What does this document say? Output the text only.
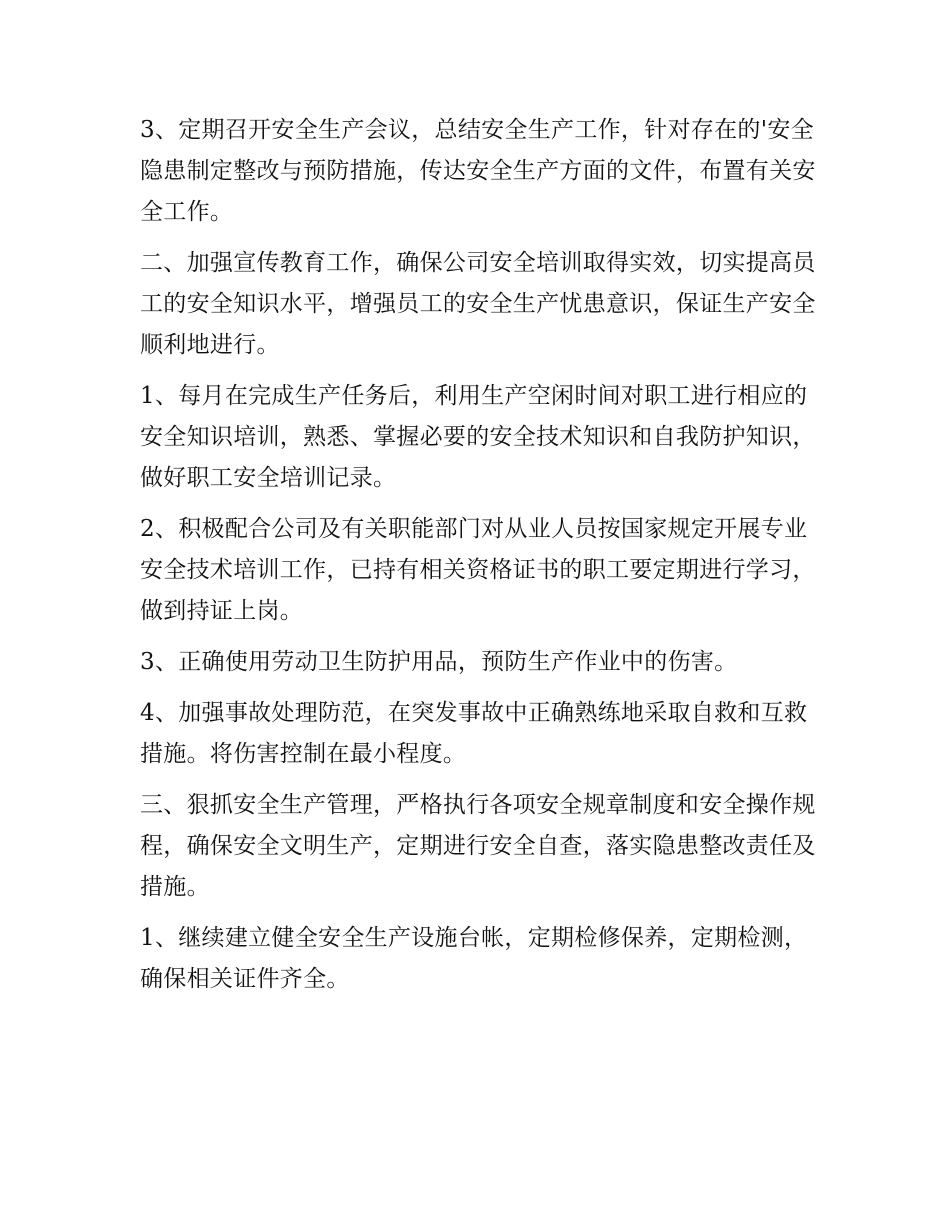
3、定期召开安全生产会议，总结安全生产工作，针对存在的'安全隐患制定整改与预防措施，传达安全生产方面的文件，布置有关安全工作。

二、加强宣传教育工作，确保公司安全培训取得实效，切实提高员工的安全知识水平，增强员工的安全生产忧患意识，保证生产安全顺利地进行。

1、每月在完成生产任务后，利用生产空闲时间对职工进行相应的安全知识培训，熟悉、掌握必要的安全技术知识和自我防护知识，做好职工安全培训记录。

2、积极配合公司及有关职能部门对从业人员按国家规定开展专业安全技术培训工作，已持有相关资格证书的职工要定期进行学习，做到持证上岗。

3、正确使用劳动卫生防护用品，预防生产作业中的伤害。

4、加强事故处理防范，在突发事故中正确熟练地采取自救和互救措施。将伤害控制在最小程度。

三、狠抓安全生产管理，严格执行各项安全规章制度和安全操作规程，确保安全文明生产，定期进行安全自查，落实隐患整改责任及措施。

1、继续建立健全安全生产设施台帐，定期检修保养，定期检测，确保相关证件齐全。
